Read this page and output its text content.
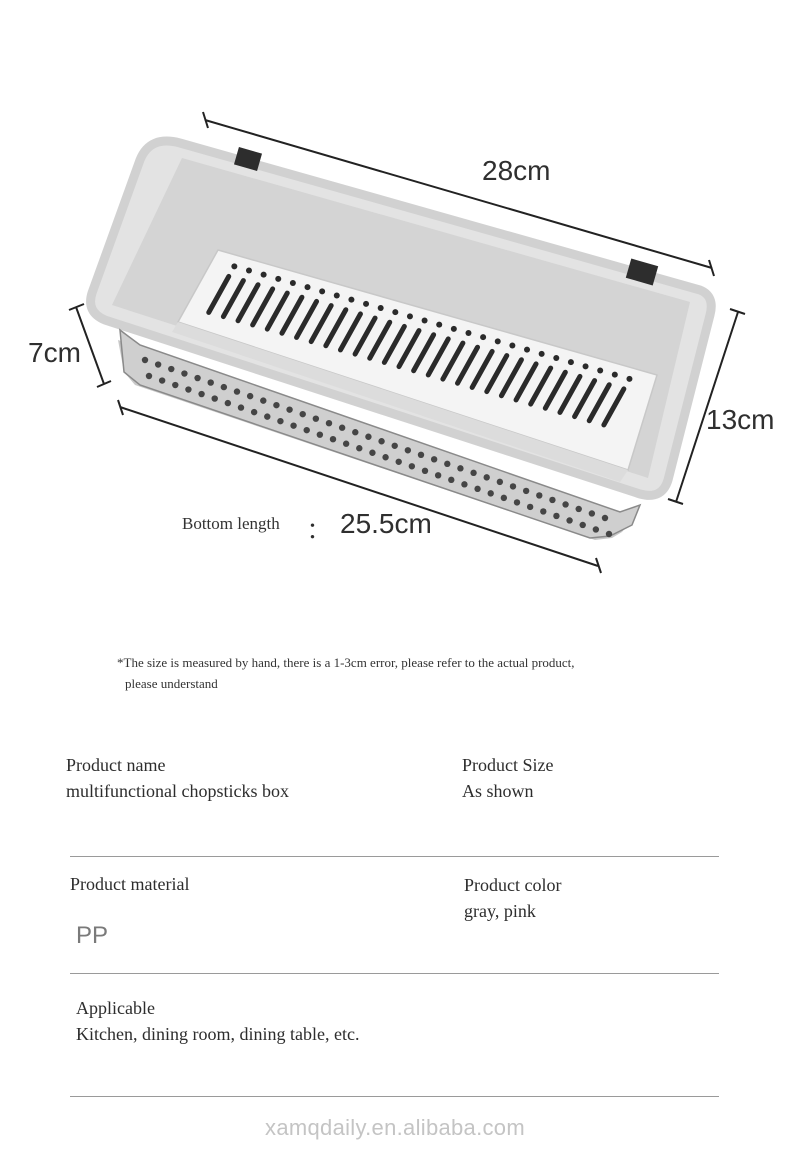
28cm
7cm
13cm
Bottom length ： 25.5cm
*The size is measured by hand, there is a 1-3cm error, please refer to the actual product,
please understand
Product name
multifunctional chopsticks box
Product Size
As shown
Product material
PP
Product color
gray, pink
Applicable
Kitchen, dining room, dining table, etc.
xamqdaily.en.alibaba.com
